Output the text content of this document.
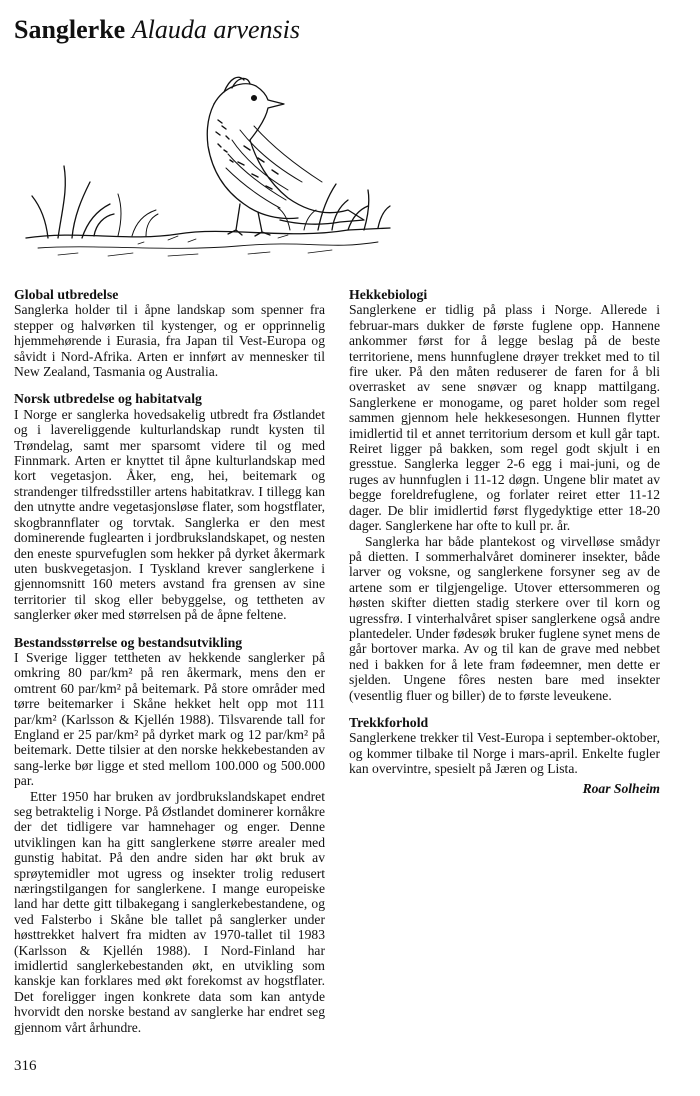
Sanglerke Alauda arvensis

Global utbredelse

Sanglerka holder til i åpne landskap som spenner fra stepper og halvørken til kystenger, og er opprinnelig hjemmehørende i Eurasia, fra Japan til Vest-Europa og såvidt i Nord-Afrika. Arten er innført av mennesker til New Zealand, Tasmania og Australia.

Norsk utbredelse og habitatvalg

I Norge er sanglerka hovedsakelig utbredt fra Østlandet og i lavereliggende kulturlandskap rundt kysten til Trøndelag, samt mer sparsomt videre til og med Finnmark. Arten er knyttet til åpne kulturlandskap med kort vegetasjon. Åker, eng, hei, beitemark og strandenger tilfredsstiller artens habitatkrav. I tillegg kan den utnytte andre vegetasjonsløse flater, som hogstflater, skogbrannflater og torvtak. Sanglerka er den mest dominerende fuglearten i jordbrukslandskapet, og nesten den eneste spurvefuglen som hekker på dyrket åkermark uten buskvegetasjon. I Tyskland krever sanglerkene i gjennomsnitt 160 meters avstand fra grensen av sine territorier til skog eller bebyggelse, og tettheten av sanglerker øker med størrelsen på de åpne feltene.

Bestandsstørrelse og bestandsutvikling

I Sverige ligger tettheten av hekkende sanglerker på omkring 80 par/km² på ren åkermark, mens den er omtrent 60 par/km² på beitemark. På store områder med tørre beitemarker i Skåne hekket helt opp mot 111 par/km² (Karlsson & Kjellén 1988). Tilsvarende tall for England er 25 par/km² på dyrket mark og 12 par/km² på beitemark. Dette tilsier at den norske hekkebestanden av sang-lerke bør ligge et sted mellom 100.000 og 500.000 par.

Etter 1950 har bruken av jordbrukslandskapet endret seg betraktelig i Norge. På Østlandet dominerer kornåkre der det tidligere var hamnehager og enger. Denne utviklingen kan ha gitt sanglerkene større arealer med gunstig habitat. På den andre siden har økt bruk av sprøytemidler mot ugress og insekter trolig redusert næringstilgangen for sanglerkene. I mange europeiske land har dette gitt tilbakegang i sanglerkebestandene, og ved Falsterbo i Skåne ble tallet på sanglerker under høsttrekket halvert fra midten av 1970-tallet til 1983 (Karlsson & Kjellén 1988). I Nord-Finland har imidlertid sanglerkebestanden økt, en utvikling som kanskje kan forklares med økt forekomst av hogstflater. Det foreligger ingen konkrete data som kan antyde hvorvidt den norske bestand av sanglerke har endret seg gjennom vårt århundre.

Hekkebiologi

Sanglerkene er tidlig på plass i Norge. Allerede i februar-mars dukker de første fuglene opp. Hannene ankommer først for å legge beslag på de beste territoriene, mens hunnfuglene drøyer trekket med to til fire uker. På den måten reduserer de faren for å bli overrasket av sene snøvær og knapp mattilgang. Sanglerkene er monogame, og paret holder som regel sammen gjennom hele hekkesesongen. Hunnen flytter imidlertid til et annet territorium dersom et kull går tapt. Reiret ligger på bakken, som regel godt skjult i en gresstue. Sanglerka legger 2-6 egg i mai-juni, og de ruges av hunnfuglen i 11-12 døgn. Ungene blir matet av begge foreldrefuglene, og forlater reiret etter 11-12 dager. De blir imidlertid først flygedyktige etter 18-20 dager. Sanglerkene har ofte to kull pr. år.

Sanglerka har både plantekost og virvelløse smådyr på dietten. I sommerhalvåret dominerer insekter, både larver og voksne, og sanglerkene forsyner seg av de artene som er tilgjengelige. Utover ettersommeren og høsten skifter dietten stadig sterkere over til korn og ugressfrø. I vinterhalvåret spiser sanglerkene også andre plantedeler. Under fødesøk bruker fuglene synet mens de går bortover marka. Av og til kan de grave med nebbet ned i bakken for å lete fram fødeemner, men dette er sjelden. Ungene fôres nesten bare med insekter (vesentlig fluer og biller) de to første leveukene.

Trekkforhold

Sanglerkene trekker til Vest-Europa i september-oktober, og kommer tilbake til Norge i mars-april. Enkelte fugler kan overvintre, spesielt på Jæren og Lista.

Roar Solheim
316
